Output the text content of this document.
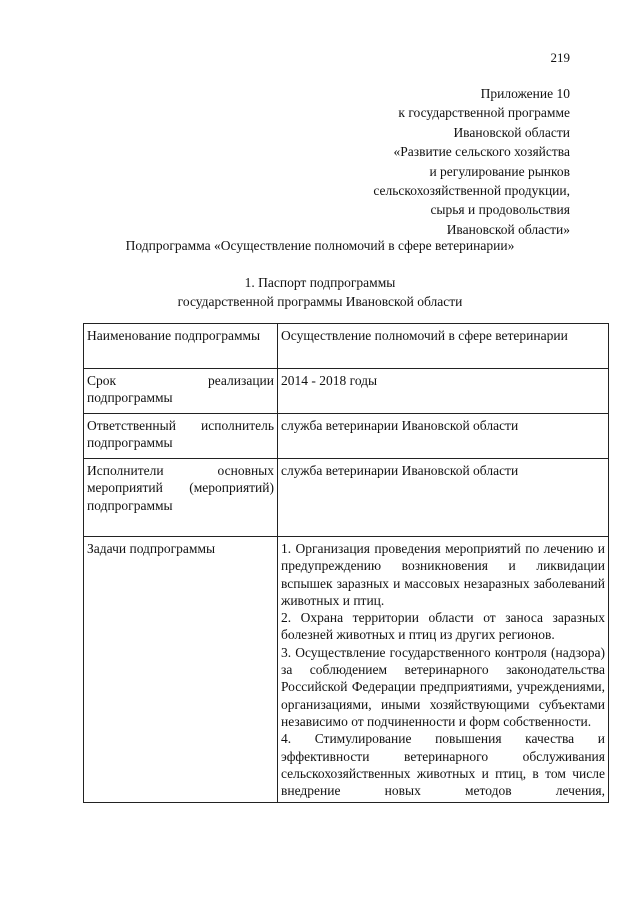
219
Приложение 10
к государственной программе
Ивановской области
«Развитие сельского хозяйства
и регулирование рынков
сельскохозяйственной продукции,
сырья и продовольствия
Ивановской области»
Подпрограмма «Осуществление полномочий в сфере ветеринарии»
1. Паспорт подпрограммы
государственной программы Ивановской области
Наименование подпрограммы	Осуществление полномочий в сфере ветеринарии
Срок реализации подпрограммы	2014 - 2018 годы
Ответственный исполнитель подпрограммы	служба ветеринарии Ивановской области
Исполнители основных мероприятий (мероприятий) подпрограммы	служба ветеринарии Ивановской области
Задачи подпрограммы	1. Организация проведения мероприятий по лечению и предупреждению возникновения и ликвидации вспышек заразных и массовых незаразных заболеваний животных и птиц.
2. Охрана территории области от заноса заразных болезней животных и птиц из других регионов.
3. Осуществление государственного контроля (надзора) за соблюдением ветеринарного законодательства Российской Федерации предприятиями, учреждениями, организациями, иными хозяйствующими субъектами независимо от подчиненности и форм собственности.
4. Стимулирование повышения качества и эффективности ветеринарного обслуживания сельскохозяйственных животных и птиц, в том числе внедрение новых методов лечения,
